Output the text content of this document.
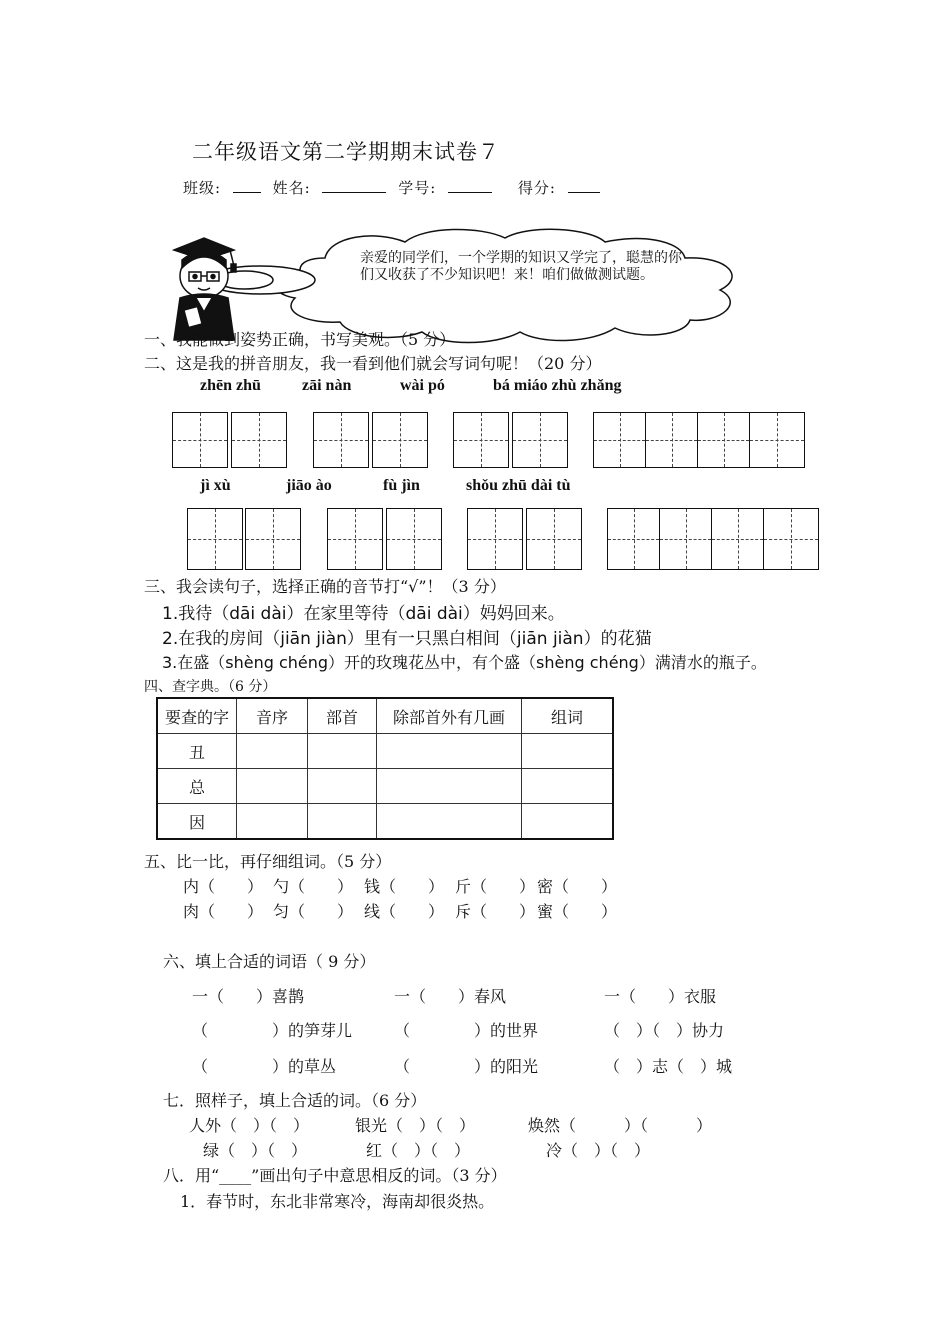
二年级语文第二学期期末试卷７
班级:	姓名:	学号:	得分:
亲爱的同学们，一个学期的知识又学完了，聪慧的你们又收获了不少知识吧！来！咱们做做测试题。
一、我能做到姿势正确，书写美观。（5 分）
二、这是我的拼音朋友，我一看到他们就会写词句呢！（20 分）
zhēn zhū	zāi nàn	wài pó	bá miáo zhù zhǎng
jì xù	jiāo ào	fù jìn	shǒu zhū dài tù
三、我会读句子，选择正确的音节打“√”！（3 分）
1.我待（dāi dài）在家里等待（dāi dài）妈妈回来。
2.在我的房间（jiān jiàn）里有一只黑白相间（jiān jiàn）的花猫
3.在盛（shèng chéng）开的玫瑰花丛中，有个盛（shèng chéng）满清水的瓶子。
四、查字典。（6 分）
要查的字	音序	部首	除部首外有几画	组词
丑				
总				
因				
五、比一比，再仔细组词。（5 分）
内（　　） 勺（　　） 钱（　　） 斤（　　） 密（　　）
肉（　　） 匀（　　） 线（　　） 斥（　　） 蜜（　　）
六、填上合适的词语（ 9 分）
一（　　）喜鹊	一（　　）春风	一（　　）衣服
（　　　　）的笋芽儿	（　　　　）的世界	（　）（　）协力
（　　　　）的草丛	（　　　　）的阳光	（　）志（　）城
七．照样子，填上合适的词。（6 分）
人外（　）（　）	银光（　）（　）	焕然（　　　）（　　　）
绿（　）（　）	红（　）（　）	冷（　）（　）
八．用“____”画出句子中意思相反的词。（3 分）
1．春节时，东北非常寒冷，海南却很炎热。
